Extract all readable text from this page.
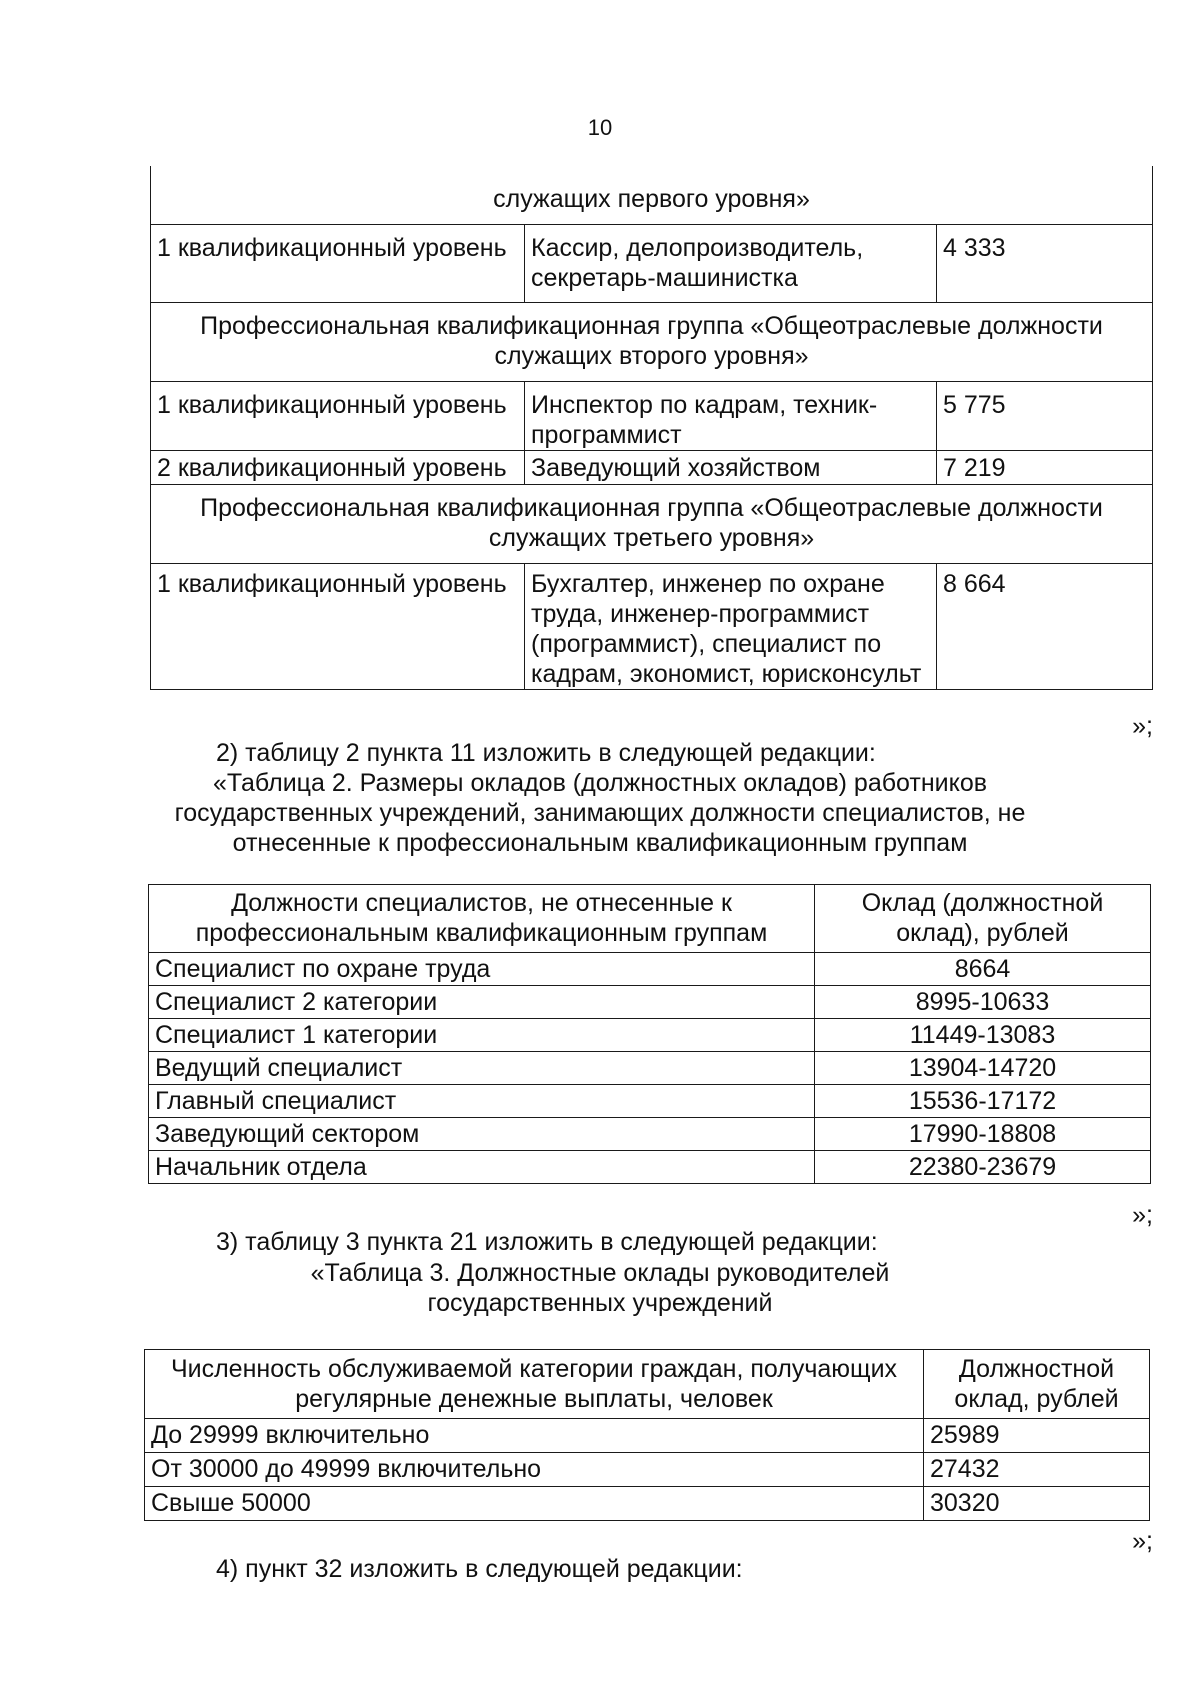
10
служащих первого уровня»		
1 квалификационный уровень	Кассир, делопроизводитель, секретарь-машинистка	4 333
Профессиональная квалификационная группа «Общеотраслевые должности служащих второго уровня»		
1 квалификационный уровень	Инспектор по кадрам, техник-программист	5 775
2 квалификационный уровень	Заведующий хозяйством	7 219
Профессиональная квалификационная группа «Общеотраслевые должности служащих третьего уровня»		
1 квалификационный уровень	Бухгалтер, инженер по охране труда, инженер-программист (программист), специалист по кадрам, экономист, юрисконсульт	8 664
»;
2) таблицу 2 пункта 11 изложить в следующей редакции:
«Таблица 2. Размеры окладов (должностных окладов) работников
государственных учреждений, занимающих должности специалистов, не
отнесенные к профессиональным квалификационным группам
Должности специалистов, не отнесенные к профессиональным квалификационным группам	Оклад (должностной оклад), рублей
Специалист по охране труда	8664
Специалист 2 категории	8995-10633
Специалист 1 категории	11449-13083
Ведущий специалист	13904-14720
Главный специалист	15536-17172
Заведующий сектором	17990-18808
Начальник отдела	22380-23679
»;
3) таблицу 3 пункта 21 изложить в следующей редакции:
«Таблица 3. Должностные оклады руководителей
государственных учреждений
Численность обслуживаемой категории граждан, получающих регулярные денежные выплаты, человек	Должностной оклад, рублей
До 29999 включительно	25989
От 30000 до 49999 включительно	27432
Свыше 50000	30320
»;
4) пункт 32 изложить в следующей редакции:
